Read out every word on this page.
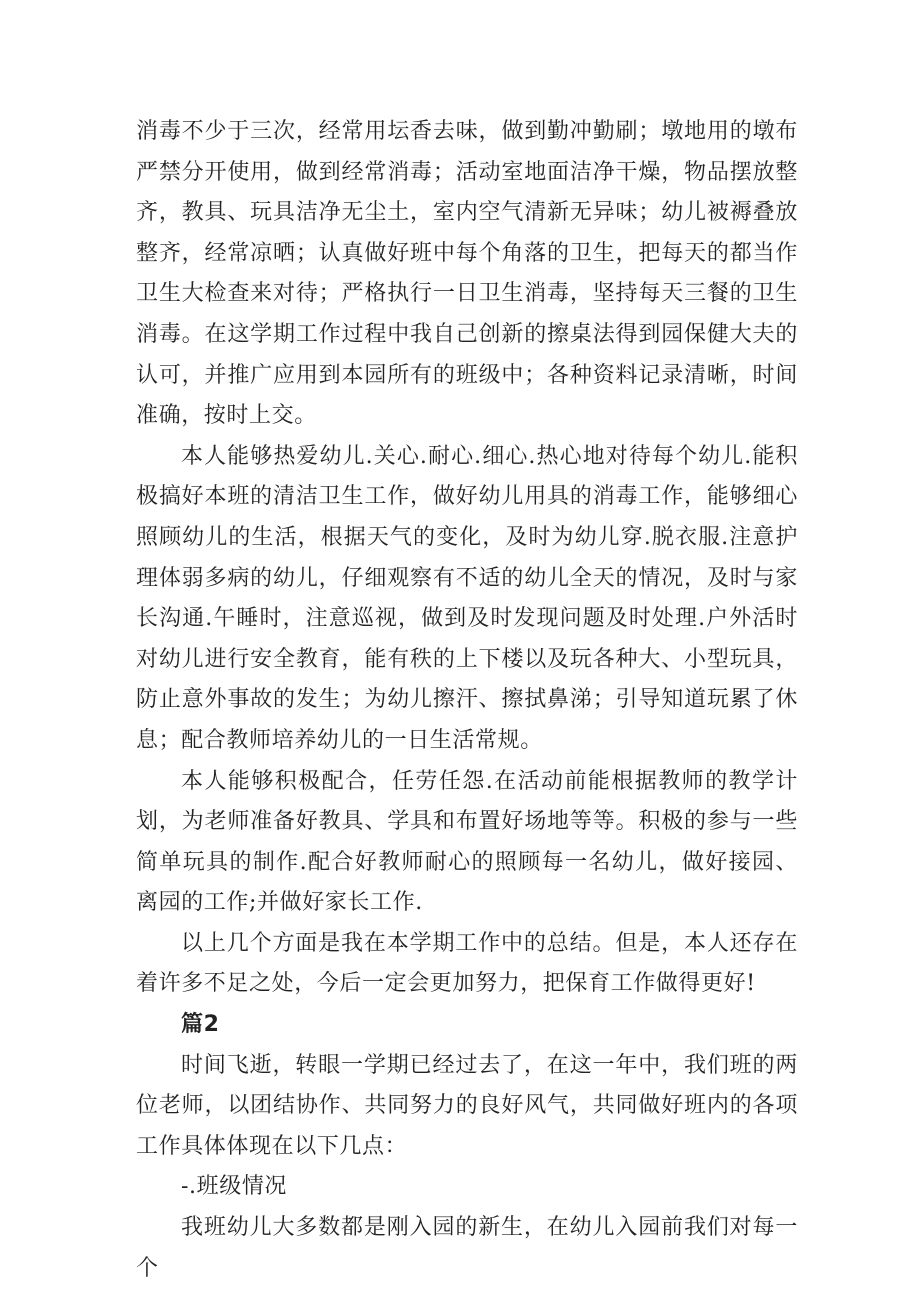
消毒不少于三次，经常用坛香去味，做到勤冲勤刷；墩地用的墩布严禁分开使用，做到经常消毒；活动室地面洁净干燥，物品摆放整齐，教具、玩具洁净无尘土，室内空气清新无异味；幼儿被褥叠放整齐，经常凉晒；认真做好班中每个角落的卫生，把每天的都当作卫生大检查来对待；严格执行一日卫生消毒，坚持每天三餐的卫生消毒。在这学期工作过程中我自己创新的擦桌法得到园保健大夫的认可，并推广应用到本园所有的班级中；各种资料记录清晰，时间准确，按时上交。

本人能够热爱幼儿.关心.耐心.细心.热心地对待每个幼儿.能积极搞好本班的清洁卫生工作，做好幼儿用具的消毒工作，能够细心照顾幼儿的生活，根据天气的变化，及时为幼儿穿.脱衣服.注意护理体弱多病的幼儿，仔细观察有不适的幼儿全天的情况，及时与家长沟通.午睡时，注意巡视，做到及时发现问题及时处理.户外活时对幼儿进行安全教育，能有秩的上下楼以及玩各种大、小型玩具，防止意外事故的发生；为幼儿擦汗、擦拭鼻涕；引导知道玩累了休息；配合教师培养幼儿的一日生活常规。

本人能够积极配合，任劳任怨.在活动前能根据教师的教学计划，为老师准备好教具、学具和布置好场地等等。积极的参与一些简单玩具的制作.配合好教师耐心的照顾每一名幼儿，做好接园、离园的工作;并做好家长工作.

以上几个方面是我在本学期工作中的总结。但是，本人还存在着许多不足之处，今后一定会更加努力，把保育工作做得更好!

篇2

时间飞逝，转眼一学期已经过去了，在这一年中，我们班的两位老师，以团结协作、共同努力的良好风气，共同做好班内的各项工作具体体现在以下几点：

-.班级情况

我班幼儿大多数都是刚入园的新生，在幼儿入园前我们对每一个
